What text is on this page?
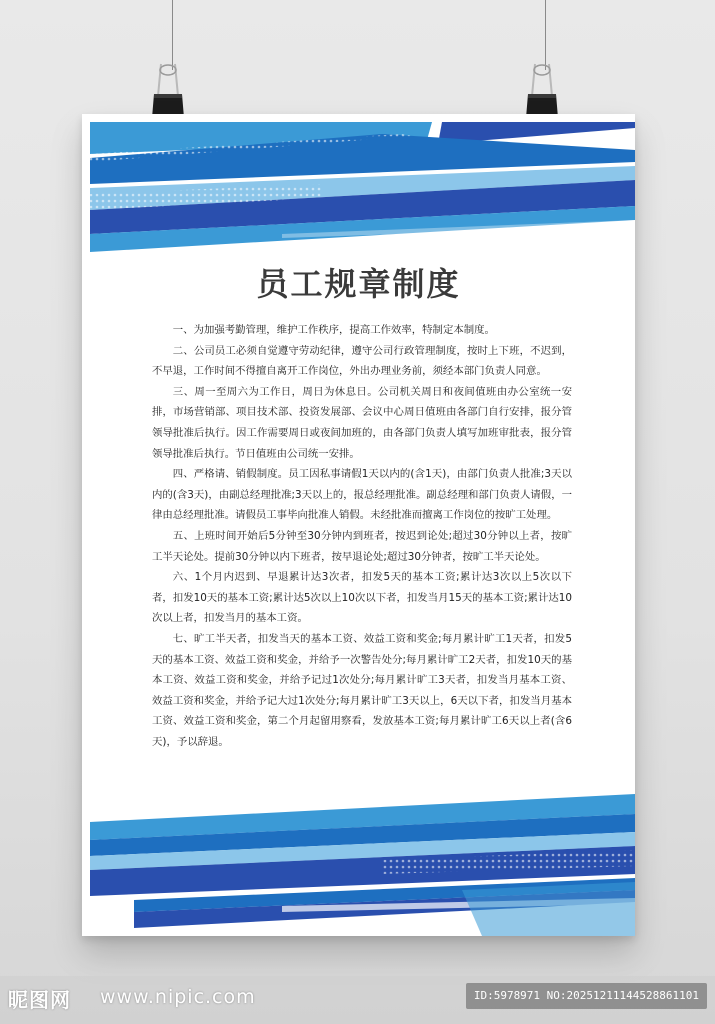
员工规章制度

一、为加强考勤管理，维护工作秩序，提高工作效率，特制定本制度。

二、公司员工必须自觉遵守劳动纪律，遵守公司行政管理制度，按时上下班，不迟到，不早退，工作时间不得擅自离开工作岗位，外出办理业务前，须经本部门负责人同意。

三、周一至周六为工作日，周日为休息日。公司机关周日和夜间值班由办公室统一安排，市场营销部、项目技术部、投资发展部、会议中心周日值班由各部门自行安排，报分管领导批准后执行。因工作需要周日或夜间加班的，由各部门负责人填写加班审批表，报分管领导批准后执行。节日值班由公司统一安排。

四、严格请、销假制度。员工因私事请假1天以内的(含1天)，由部门负责人批准;3天以内的(含3天)，由副总经理批准;3天以上的，报总经理批准。副总经理和部门负责人请假，一律由总经理批准。请假员工事毕向批准人销假。未经批准而擅离工作岗位的按旷工处理。

五、上班时间开始后5分钟至30分钟内到班者，按迟到论处;超过30分钟以上者，按旷工半天论处。提前30分钟以内下班者，按早退论处;超过30分钟者，按旷工半天论处。

六、1个月内迟到、早退累计达3次者，扣发5天的基本工资;累计达3次以上5次以下者，扣发10天的基本工资;累计达5次以上10次以下者，扣发当月15天的基本工资;累计达10次以上者，扣发当月的基本工资。

七、旷工半天者，扣发当天的基本工资、效益工资和奖金;每月累计旷工1天者，扣发5天的基本工资、效益工资和奖金，并给予一次警告处分;每月累计旷工2天者，扣发10天的基本工资、效益工资和奖金，并给予记过1次处分;每月累计旷工3天者，扣发当月基本工资、效益工资和奖金，并给予记大过1次处分;每月累计旷工3天以上，6天以下者，扣发当月基本工资、效益工资和奖金，第二个月起留用察看，发放基本工资;每月累计旷工6天以上者(含6天)，予以辞退。

昵图网 www.nipic.com	ID:5978971 NO:20251211144528861101
